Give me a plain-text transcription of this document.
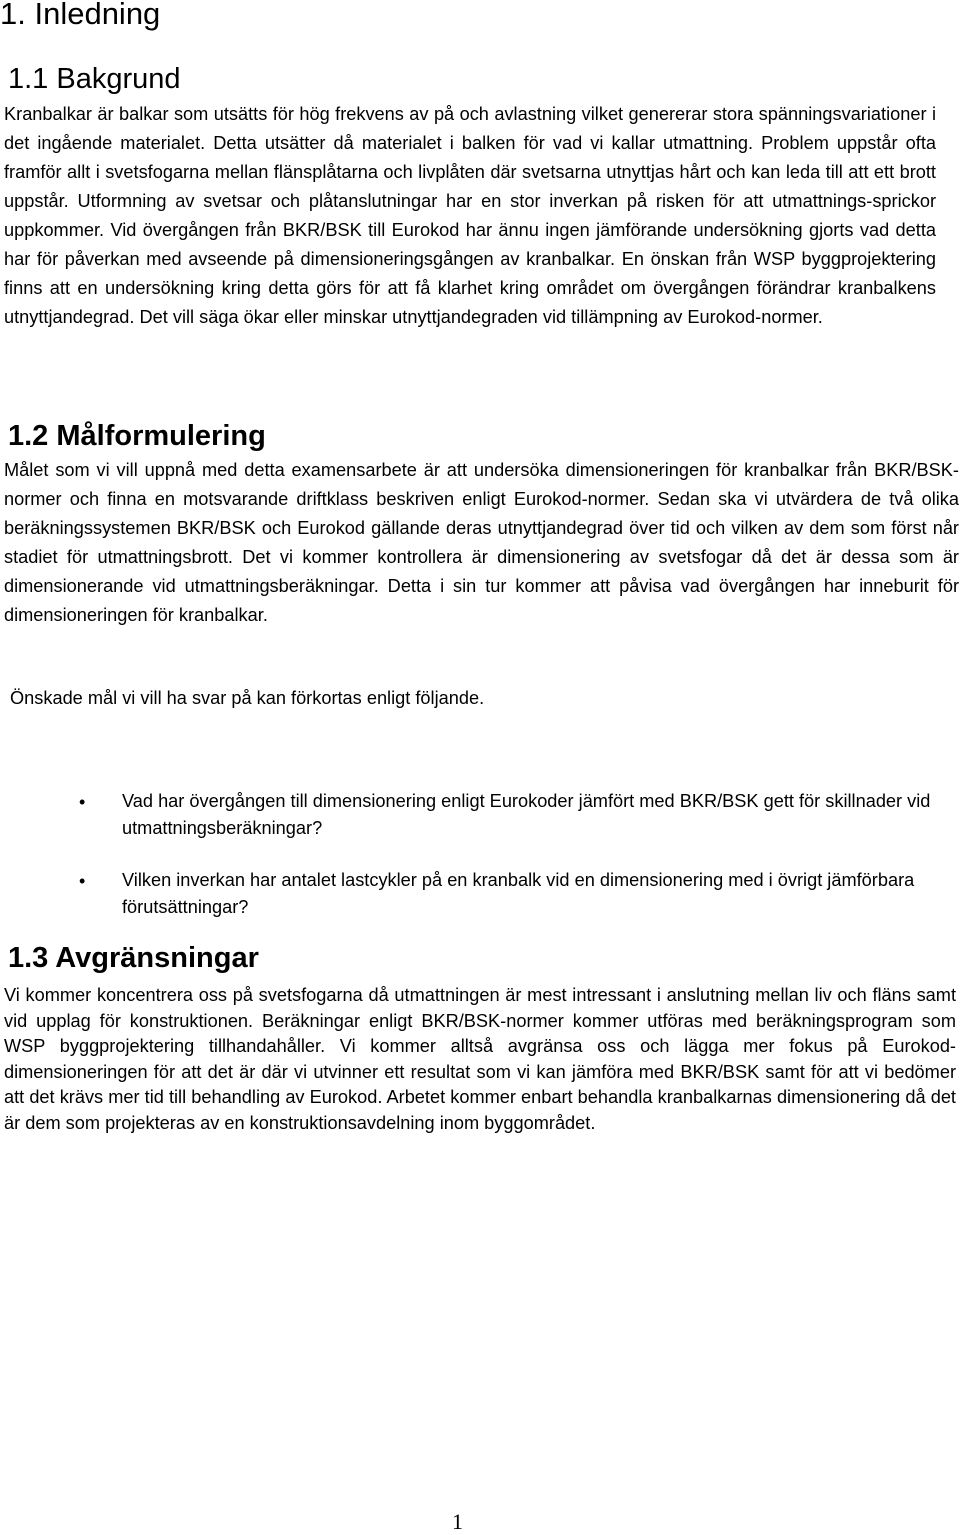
1. Inledning
1.1 Bakgrund

Kranbalkar är balkar som utsätts för hög frekvens av på och avlastning vilket genererar stora spänningsvariationer i det ingående materialet. Detta utsätter då materialet i balken för vad vi kallar utmattning. Problem uppstår ofta framför allt i svetsfogarna mellan flänsplåtarna och livplåten där svetsarna utnyttjas hårt och kan leda till att ett brott uppstår. Utformning av svetsar och plåtanslutningar har en stor inverkan på risken för att utmattnings-sprickor uppkommer. Vid övergången från BKR/BSK till Eurokod har ännu ingen jämförande undersökning gjorts vad detta har för påverkan med avseende på dimensioneringsgången av kranbalkar. En önskan från WSP byggprojektering finns att en undersökning kring detta görs för att få klarhet kring området om övergången förändrar kranbalkens utnyttjandegrad. Det vill säga ökar eller minskar utnyttjandegraden vid tillämpning av Eurokod-normer.

1.2 Målformulering

Målet som vi vill uppnå med detta examensarbete är att undersöka dimensioneringen för kranbalkar från BKR/BSK-normer och finna en motsvarande driftklass beskriven enligt Eurokod-normer. Sedan ska vi utvärdera de två olika beräkningssystemen BKR/BSK och Eurokod gällande deras utnyttjandegrad över tid och vilken av dem som först når stadiet för utmattningsbrott. Det vi kommer kontrollera är dimensionering av svetsfogar då det är dessa som är dimensionerande vid utmattningsberäkningar. Detta i sin tur kommer att påvisa vad övergången har inneburit för dimensioneringen för kranbalkar.

Önskade mål vi vill ha svar på kan förkortas enligt följande.

• Vad har övergången till dimensionering enligt Eurokoder jämfört med BKR/BSK gett för skillnader vid utmattningsberäkningar?
• Vilken inverkan har antalet lastcykler på en kranbalk vid en dimensionering med i övrigt jämförbara förutsättningar?
1.3 Avgränsningar

Vi kommer koncentrera oss på svetsfogarna då utmattningen är mest intressant i anslutning mellan liv och fläns samt vid upplag för konstruktionen. Beräkningar enligt BKR/BSK-normer kommer utföras med beräkningsprogram som WSP byggprojektering tillhandahåller. Vi kommer alltså avgränsa oss och lägga mer fokus på Eurokod-dimensioneringen för att det är där vi utvinner ett resultat som vi kan jämföra med BKR/BSK samt för att vi bedömer att det krävs mer tid till behandling av Eurokod. Arbetet kommer enbart behandla kranbalkarnas dimensionering då det är dem som projekteras av en konstruktionsavdelning inom byggområdet.

1
